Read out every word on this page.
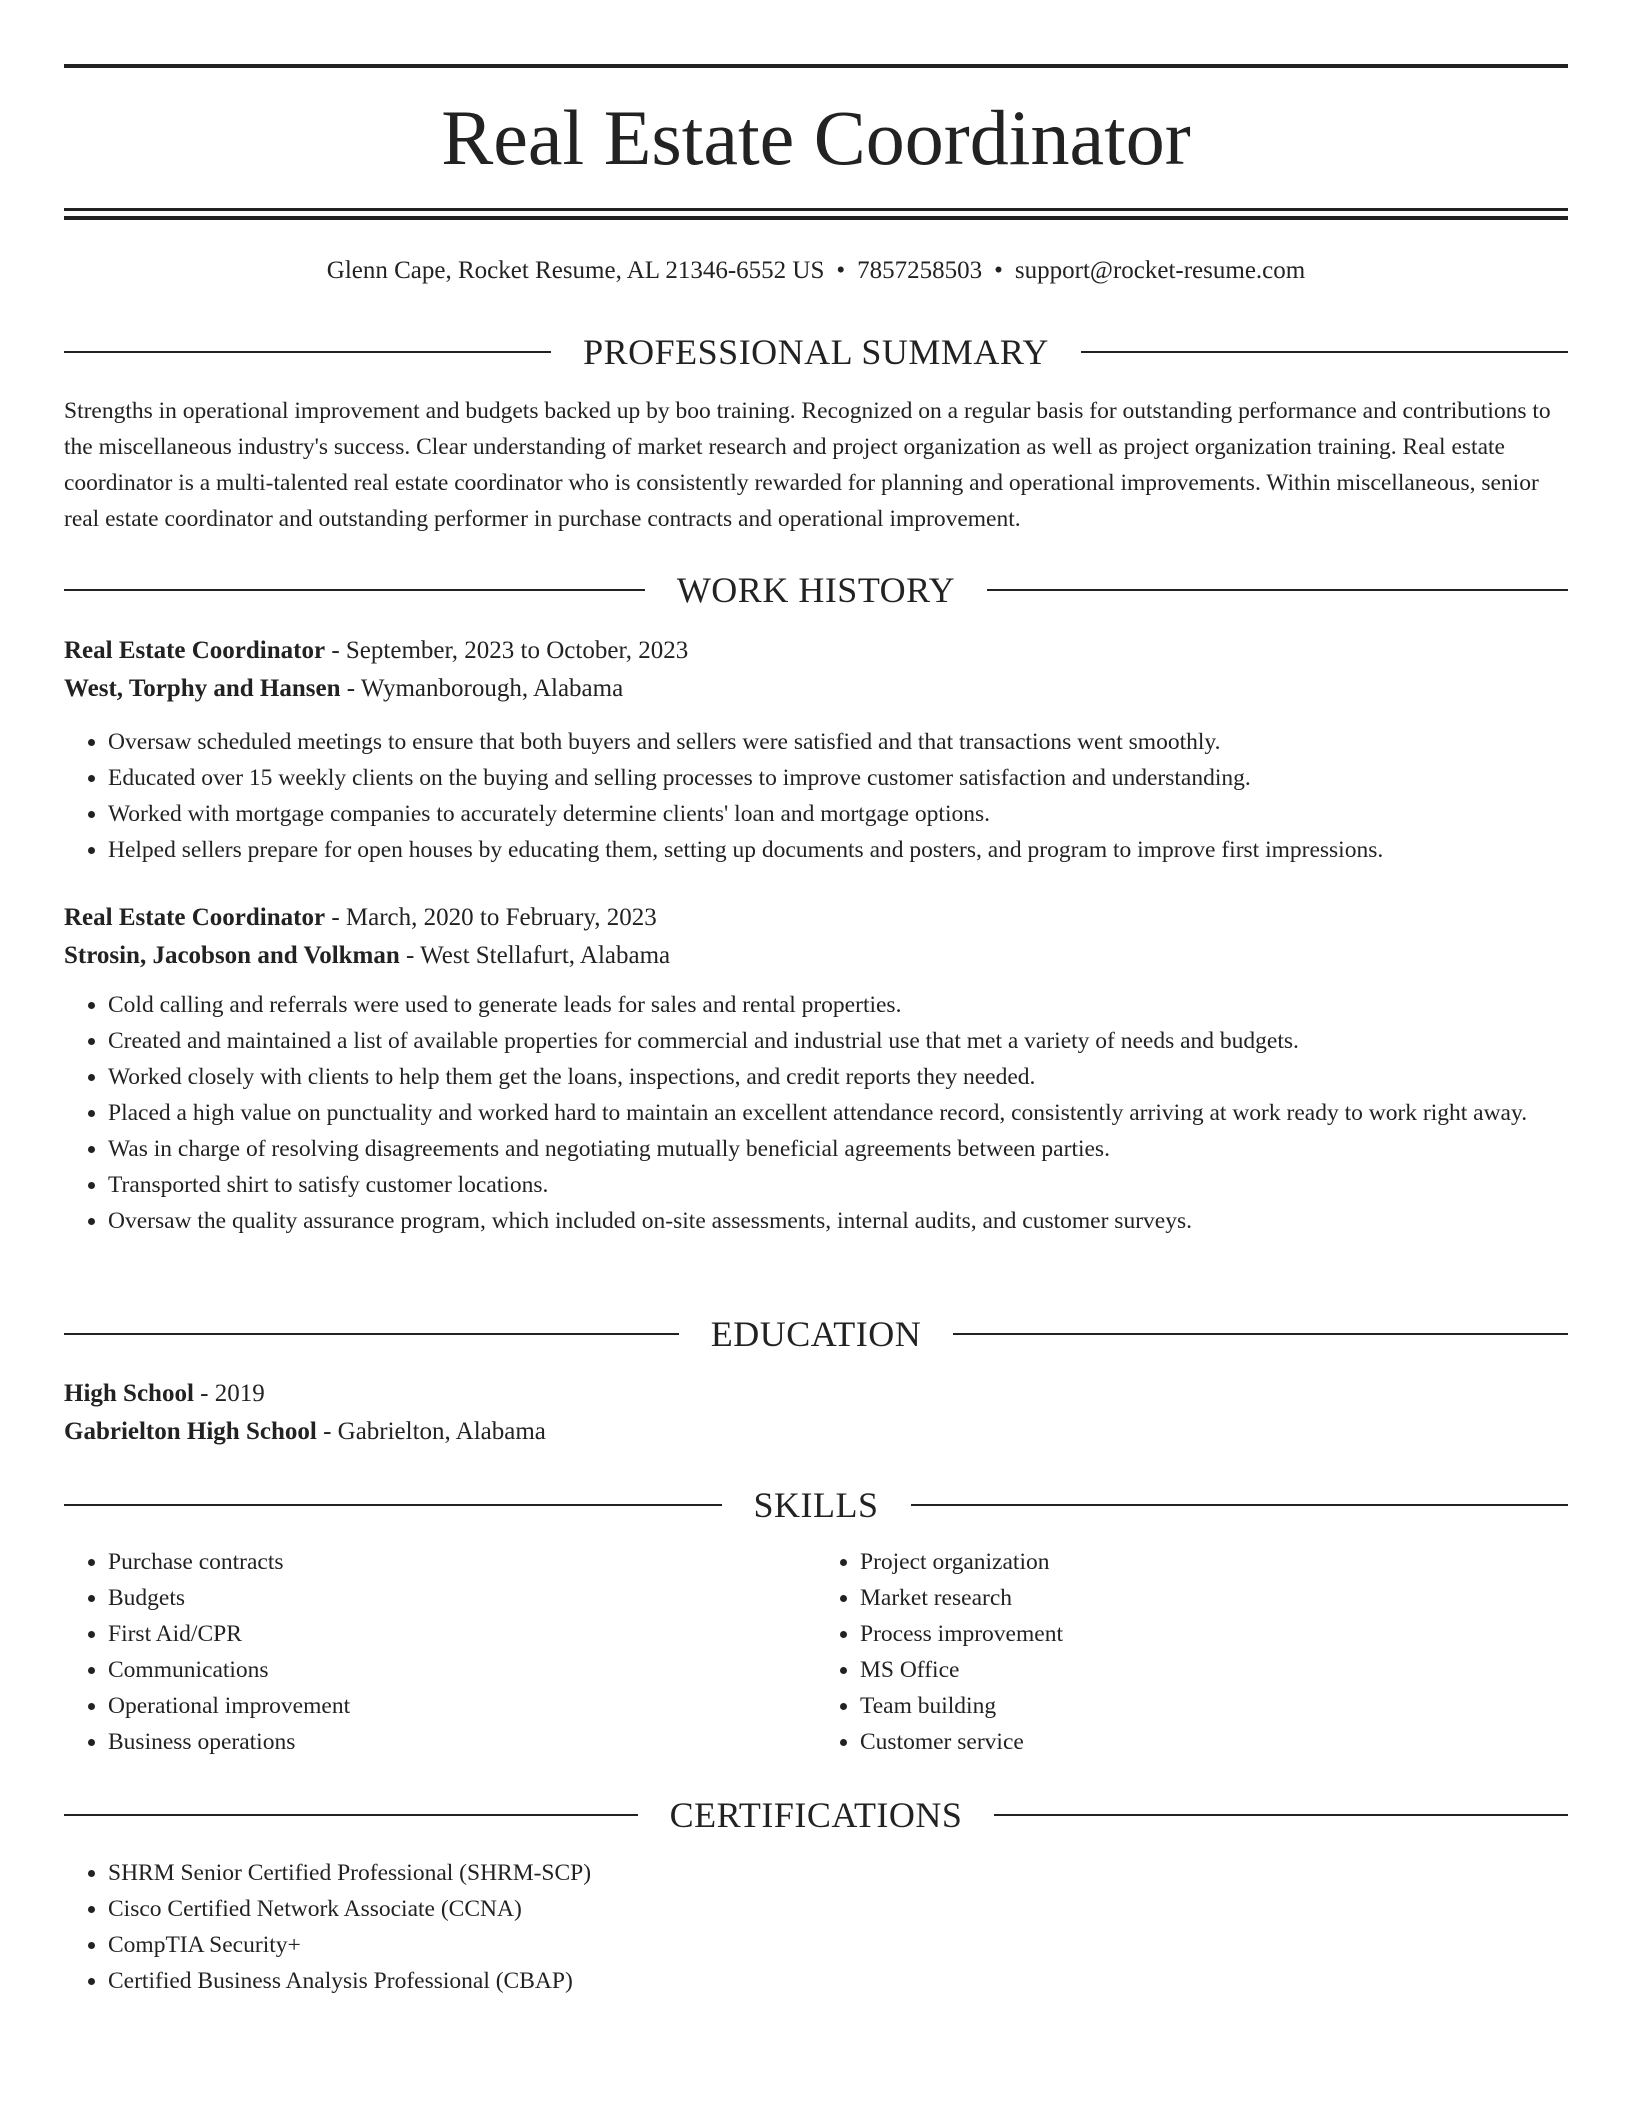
Real Estate Coordinator
Glenn Cape, Rocket Resume, AL 21346-6552 US • 7857258503 • support@rocket-resume.com
PROFESSIONAL SUMMARY

Strengths in operational improvement and budgets backed up by boo training. Recognized on a regular basis for outstanding performance and contributions to the miscellaneous industry's success. Clear understanding of market research and project organization as well as project organization training. Real estate coordinator is a multi-talented real estate coordinator who is consistently rewarded for planning and operational improvements. Within miscellaneous, senior real estate coordinator and outstanding performer in purchase contracts and operational improvement.

WORK HISTORY

Real Estate Coordinator - September, 2023 to October, 2023

West, Torphy and Hansen - Wymanborough, Alabama

• Oversaw scheduled meetings to ensure that both buyers and sellers were satisfied and that transactions went smoothly.
• Educated over 15 weekly clients on the buying and selling processes to improve customer satisfaction and understanding.
• Worked with mortgage companies to accurately determine clients' loan and mortgage options.
• Helped sellers prepare for open houses by educating them, setting up documents and posters, and program to improve first impressions.

Real Estate Coordinator - March, 2020 to February, 2023

Strosin, Jacobson and Volkman - West Stellafurt, Alabama

• Cold calling and referrals were used to generate leads for sales and rental properties.
• Created and maintained a list of available properties for commercial and industrial use that met a variety of needs and budgets.
• Worked closely with clients to help them get the loans, inspections, and credit reports they needed.
• Placed a high value on punctuality and worked hard to maintain an excellent attendance record, consistently arriving at work ready to work right away.
• Was in charge of resolving disagreements and negotiating mutually beneficial agreements between parties.
• Transported shirt to satisfy customer locations.
• Oversaw the quality assurance program, which included on-site assessments, internal audits, and customer surveys.
EDUCATION

High School - 2019

Gabrielton High School - Gabrielton, Alabama

SKILLS
• Purchase contracts
• Budgets
• First Aid/CPR
• Communications
• Operational improvement
• Business operations
• Project organization
• Market research
• Process improvement
• MS Office
• Team building
• Customer service
CERTIFICATIONS
• SHRM Senior Certified Professional (SHRM-SCP)
• Cisco Certified Network Associate (CCNA)
• CompTIA Security+
• Certified Business Analysis Professional (CBAP)
